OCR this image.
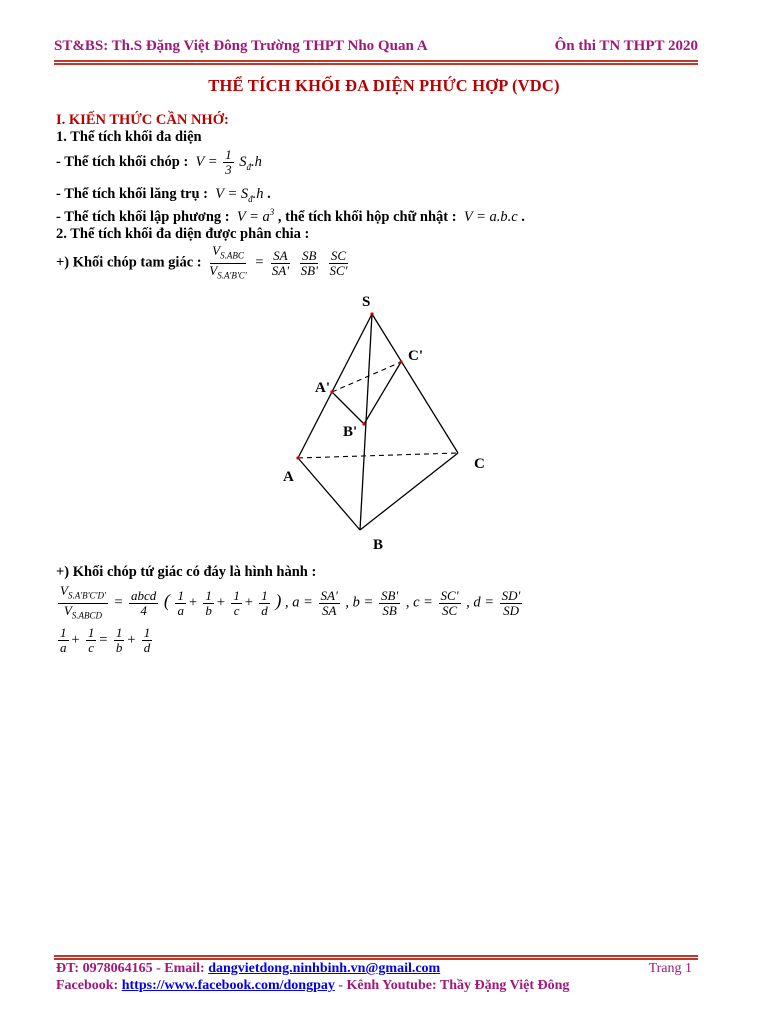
ST&BS: Th.S Đặng Việt Đông Trường THPT Nho Quan A	Ôn thi TN THPT 2020
THỂ TÍCH KHỐI ĐA DIỆN PHỨC HỢP (VDC)
I. KIẾN THỨC CẦN NHỚ:
1. Thể tích khối đa diện
- Thể tích khối chóp :  $V = \frac{1}{3} S_đ.h$
- Thể tích khối lăng trụ :  $V = S_đ.h$ .
- Thể tích khối lập phương :  $V = a^3$ , thể tích khối hộp chữ nhật :  V = a.b.c .
2. Thể tích khối đa diện được phân chia :
+) Khối chóp tam giác : $\frac{V_{S.ABC}}{V_{S.A'B'C'}} = \frac{SA}{SA'}$
$\frac{SB}{SB'}$
$\frac{SC}{SC'}$
S
C'
A'
B'
A
C
B
+) Khối chóp tứ giác có đáy là hình hành :
$\frac{V_{S.A'B'C'D'}}{V_{S.ABCD}} = \frac{\text{abcd}}{4}$ ( $\frac{1}{a} + \frac{1}{b} + \frac{1}{c} + \frac{1}{d}$ ) , $a = \frac{SA'}{SA}$ , $b = \frac{SB'}{SB}$ , $c = \frac{SC'}{SC}$ , $d = \frac{SD'}{SD}$
$\frac{1}{a} + \frac{1}{c} = \frac{1}{b} + \frac{1}{d}$
ĐT: 0978064165 - Email: dangvietdong.ninhbinh.vn@gmail.com	Trang 1
Facebook: https://www.facebook.com/dongpay - Kênh Youtube: Thầy Đặng Việt Đông
